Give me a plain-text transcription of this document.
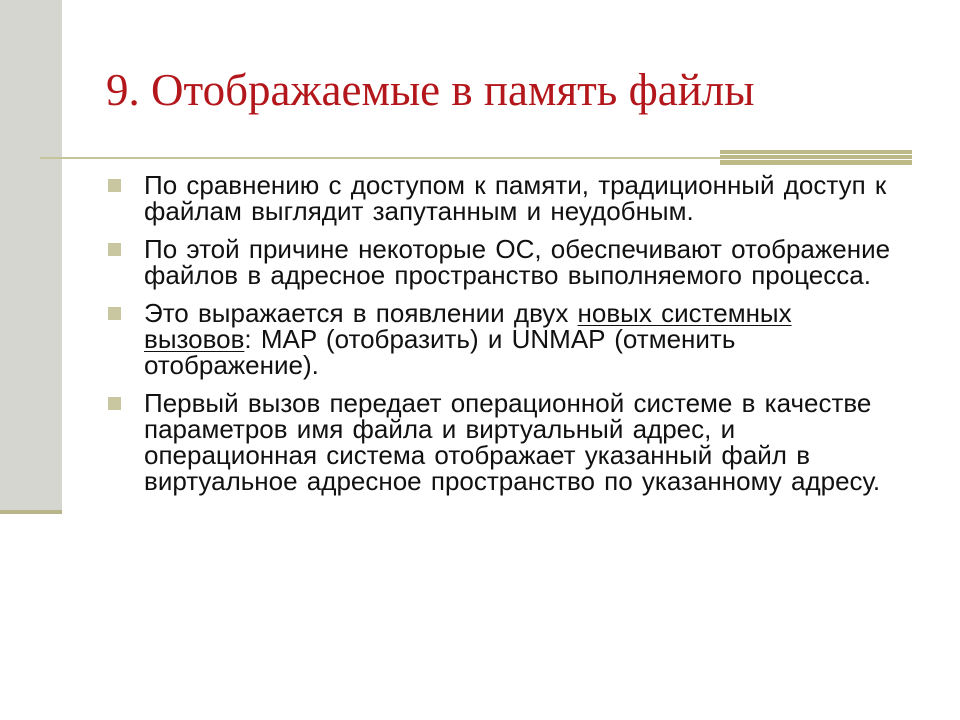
9. Отображаемые в память файлы
По сравнению с доступом к памяти, традиционный доступ к файлам выглядит запутанным и неудобным.
По этой причине некоторые ОС, обеспечивают отображение файлов в адресное пространство выполняемого процесса.
Это выражается в появлении двух новых системных вызовов: MAP (отобразить) и UNMAP (отменить отображение).
Первый вызов передает операционной системе в качестве параметров имя файла и виртуальный адрес, и операционная система отображает указанный файл в виртуальное адресное пространство по указанному адресу.
